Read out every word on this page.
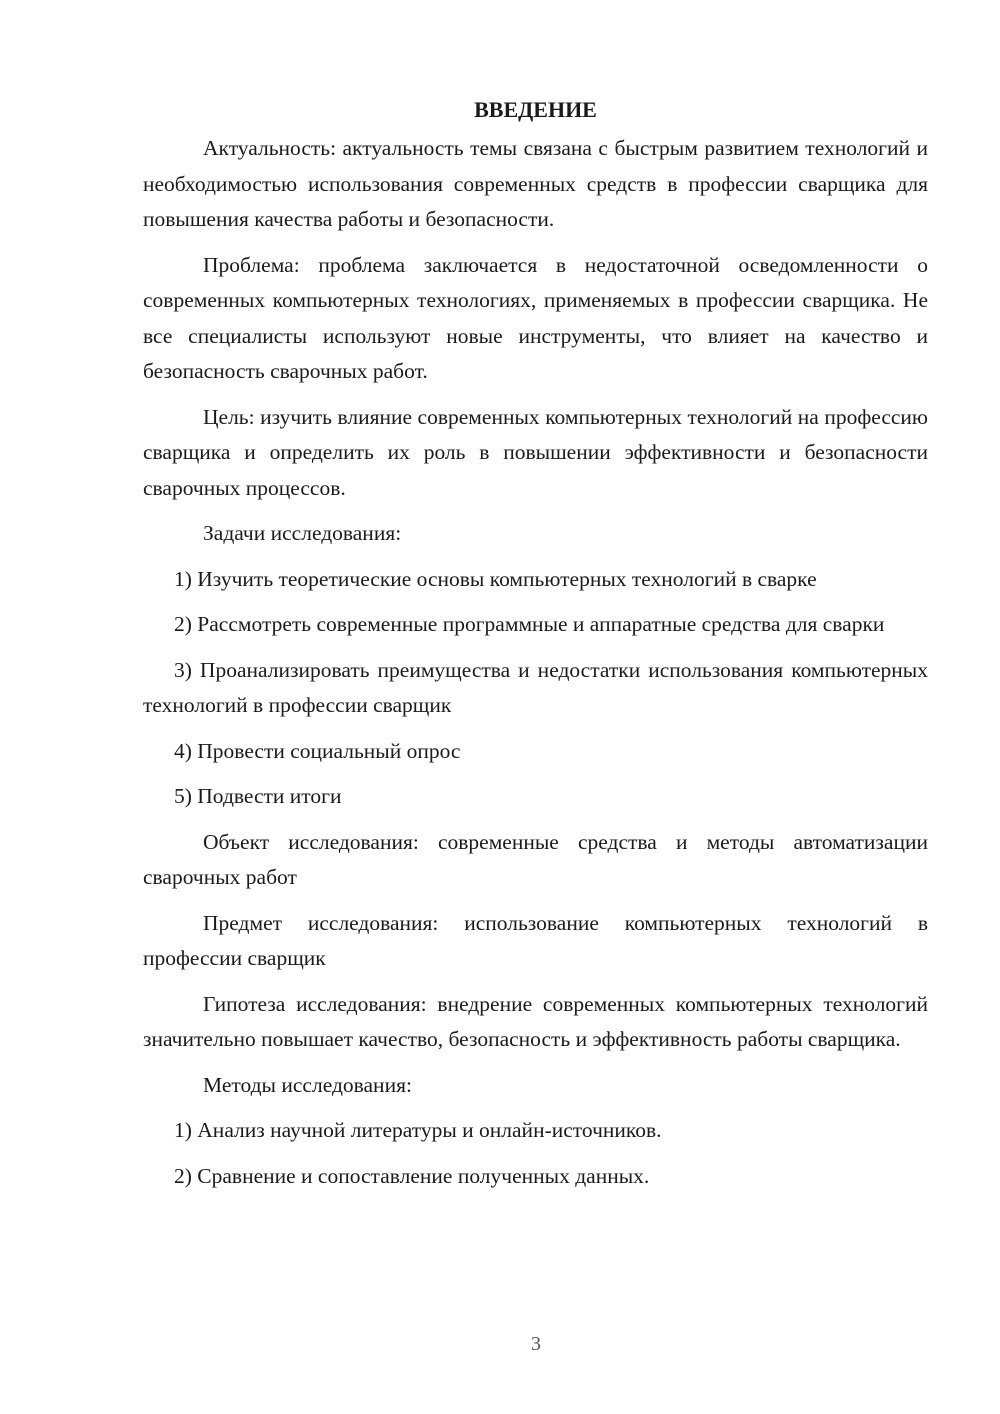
ВВЕДЕНИЕ

Актуальность: актуальность темы связана с быстрым развитием технологий и необходимостью использования современных средств в профессии сварщика для повышения качества работы и безопасности.

Проблема: проблема заключается в недостаточной осведомленности о современных компьютерных технологиях, применяемых в профессии сварщика. Не все специалисты используют новые инструменты, что влияет на качество и безопасность сварочных работ.

Цель: изучить влияние современных компьютерных технологий на профессию сварщика и определить их роль в повышении эффективности и безопасности сварочных процессов.

Задачи исследования:

1) Изучить теоретические основы компьютерных технологий в сварке

2) Рассмотреть современные программные и аппаратные средства для сварки

3) Проанализировать преимущества и недостатки использования компьютерных технологий в профессии сварщик

4) Провести социальный опрос

5) Подвести итоги

Объект исследования: современные средства и методы автоматизации сварочных работ

Предмет исследования: использование компьютерных технологий в профессии сварщик

Гипотеза исследования: внедрение современных компьютерных технологий значительно повышает качество, безопасность и эффективность работы сварщика.

Методы исследования:

1) Анализ научной литературы и онлайн-источников.

2) Сравнение и сопоставление полученных данных.

3
